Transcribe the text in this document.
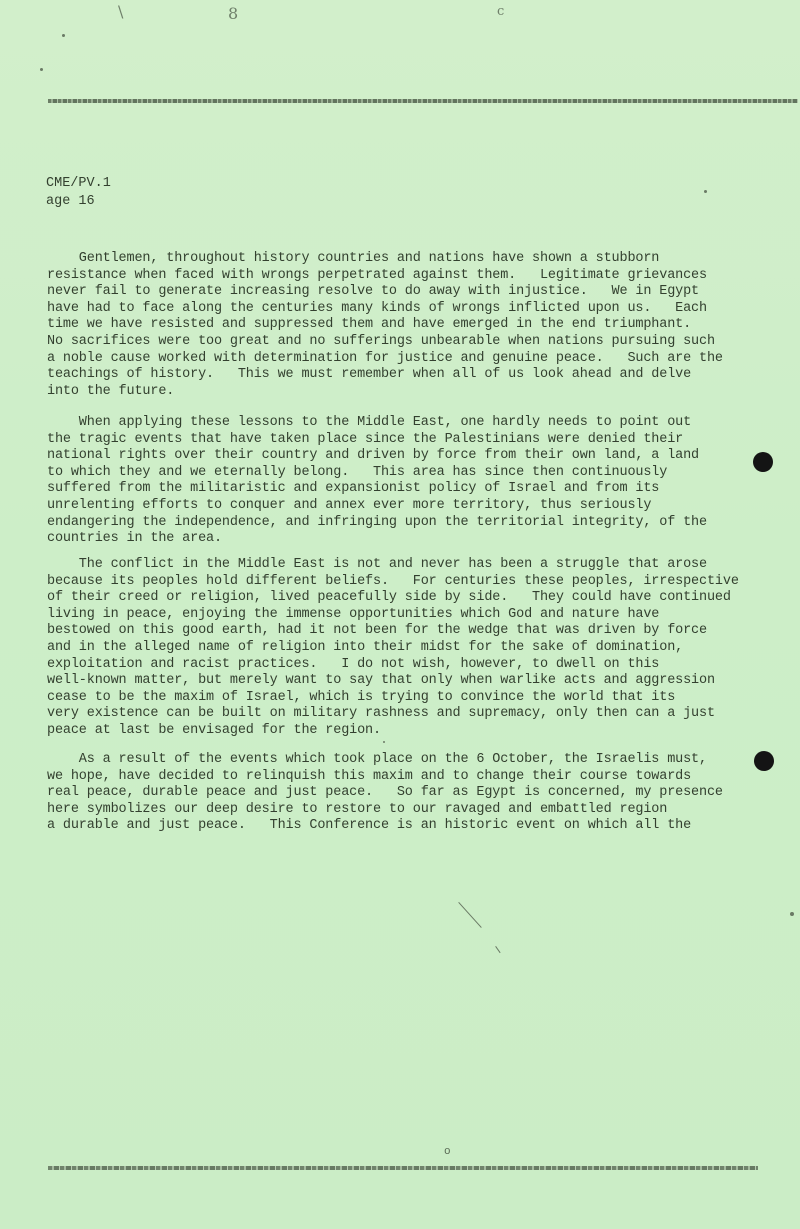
\	8	c
CME/PV.1
age 16
Gentlemen, throughout history countries and nations have shown a stubborn
resistance when faced with wrongs perpetrated against them.   Legitimate grievances
never fail to generate increasing resolve to do away with injustice.   We in Egypt
have had to face along the centuries many kinds of wrongs inflicted upon us.   Each
time we have resisted and suppressed them and have emerged in the end triumphant.
No sacrifices were too great and no sufferings unbearable when nations pursuing such
a noble cause worked with determination for justice and genuine peace.   Such are the
teachings of history.   This we must remember when all of us look ahead and delve
into the future.
When applying these lessons to the Middle East, one hardly needs to point out
the tragic events that have taken place since the Palestinians were denied their
national rights over their country and driven by force from their own land, a land
to which they and we eternally belong.   This area has since then continuously
suffered from the militaristic and expansionist policy of Israel and from its
unrelenting efforts to conquer and annex ever more territory, thus seriously
endangering the independence, and infringing upon the territorial integrity, of the
countries in the area.
The conflict in the Middle East is not and never has been a struggle that arose
because its peoples hold different beliefs.   For centuries these peoples, irrespective
of their creed or religion, lived peacefully side by side.   They could have continued
living in peace, enjoying the immense opportunities which God and nature have
bestowed on this good earth, had it not been for the wedge that was driven by force
and in the alleged name of religion into their midst for the sake of domination,
exploitation and racist practices.   I do not wish, however, to dwell on this
well-known matter, but merely want to say that only when warlike acts and aggression
cease to be the maxim of Israel, which is trying to convince the world that its
very existence can be built on military rashness and supremacy, only then can a just
peace at last be envisaged for the region.
As a result of the events which took place on the 6 October, the Israelis must,
we hope, have decided to relinquish this maxim and to change their course towards
real peace, durable peace and just peace.   So far as Egypt is concerned, my presence
here symbolizes our deep desire to restore to our ravaged and embattled region
a durable and just peace.   This Conference is an historic event on which all the
o
